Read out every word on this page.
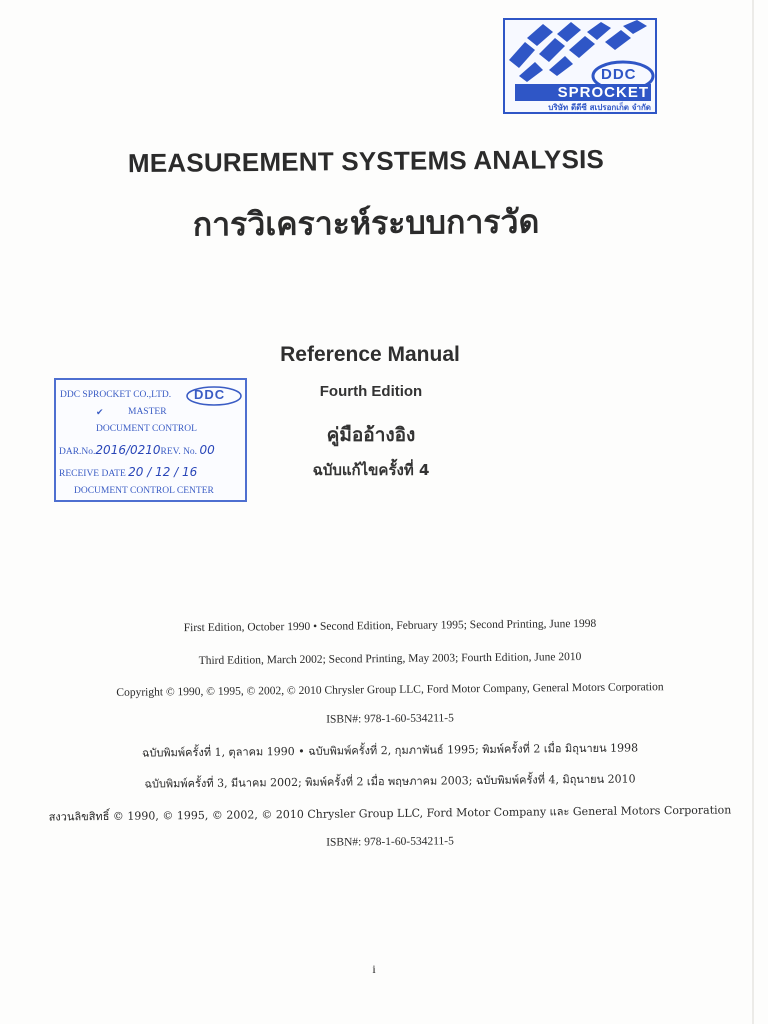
DDC
SPROCKET
บริษัท ดีดีซี สเปรอกเก็ต จำกัด
MEASUREMENT SYSTEMS ANALYSIS
การวิเคราะห์ระบบการวัด
Reference Manual
Fourth Edition
คู่มืออ้างอิง
ฉบับแก้ไขครั้งที่ 4
DDC SPROCKET CO.,LTD. DDC
✔	MASTER
DOCUMENT CONTROL
DAR.No.2016/0210REV. No. 00
RECEIVE DATE 20 / 12 / 16
DOCUMENT CONTROL CENTER
First Edition, October 1990 • Second Edition, February 1995; Second Printing, June 1998
Third Edition, March 2002; Second Printing, May 2003; Fourth Edition, June 2010
Copyright © 1990, © 1995, © 2002, © 2010 Chrysler Group LLC, Ford Motor Company, General Motors Corporation
ISBN#: 978-1-60-534211-5
ฉบับพิมพ์ครั้งที่ 1, ตุลาคม 1990 • ฉบับพิมพ์ครั้งที่ 2, กุมภาพันธ์ 1995; พิมพ์ครั้งที่ 2 เมื่อ มิถุนายน 1998
ฉบับพิมพ์ครั้งที่ 3, มีนาคม 2002; พิมพ์ครั้งที่ 2 เมื่อ พฤษภาคม 2003; ฉบับพิมพ์ครั้งที่ 4, มิถุนายน 2010
สงวนลิขสิทธิ์ © 1990, © 1995, © 2002, © 2010 Chrysler Group LLC, Ford Motor Company และ General Motors Corporation
ISBN#: 978-1-60-534211-5
i
